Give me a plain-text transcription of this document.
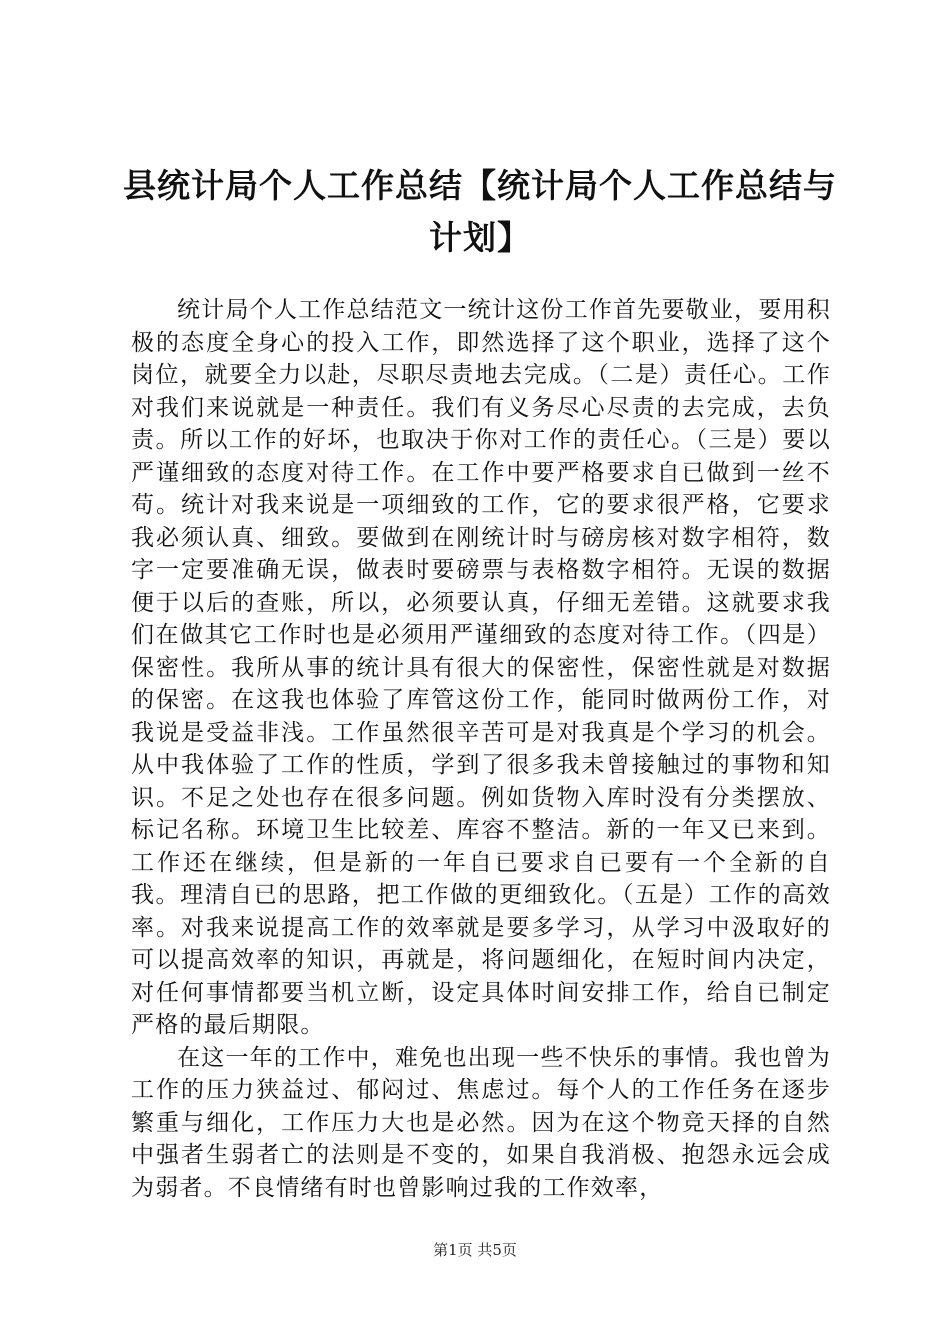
县统计局个人工作总结【统计局个人工作总结与计划】

统计局个人工作总结范文一统计这份工作首先要敬业，要用积极的态度全身心的投入工作，即然选择了这个职业，选择了这个岗位，就要全力以赴，尽职尽责地去完成。（二是）责任心。工作对我们来说就是一种责任。我们有义务尽心尽责的去完成，去负责。所以工作的好坏，也取决于你对工作的责任心。（三是）要以严谨细致的态度对待工作。在工作中要严格要求自已做到一丝不苟。统计对我来说是一项细致的工作，它的要求很严格，它要求我必须认真、细致。要做到在刚统计时与磅房核对数字相符，数字一定要准确无误，做表时要磅票与表格数字相符。无误的数据便于以后的查账，所以，必须要认真，仔细无差错。这就要求我们在做其它工作时也是必须用严谨细致的态度对待工作。（四是）保密性。我所从事的统计具有很大的保密性，保密性就是对数据的保密。在这我也体验了库管这份工作，能同时做两份工作，对我说是受益非浅。工作虽然很辛苦可是对我真是个学习的机会。从中我体验了工作的性质，学到了很多我未曾接触过的事物和知识。不足之处也存在很多问题。例如货物入库时没有分类摆放、标记名称。环境卫生比较差、库容不整洁。新的一年又已来到。工作还在继续，但是新的一年自已要求自已要有一个全新的自我。理清自已的思路，把工作做的更细致化。（五是）工作的高效率。对我来说提高工作的效率就是要多学习，从学习中汲取好的可以提高效率的知识，再就是，将问题细化，在短时间内决定，对任何事情都要当机立断，设定具体时间安排工作，给自已制定严格的最后期限。

在这一年的工作中，难免也出现一些不快乐的事情。我也曾为工作的压力狭益过、郁闷过、焦虑过。每个人的工作任务在逐步繁重与细化，工作压力大也是必然。因为在这个物竞天择的自然中强者生弱者亡的法则是不变的，如果自我消极、抱怨永远会成为弱者。不良情绪有时也曾影响过我的工作效率，

第1页 共5页
